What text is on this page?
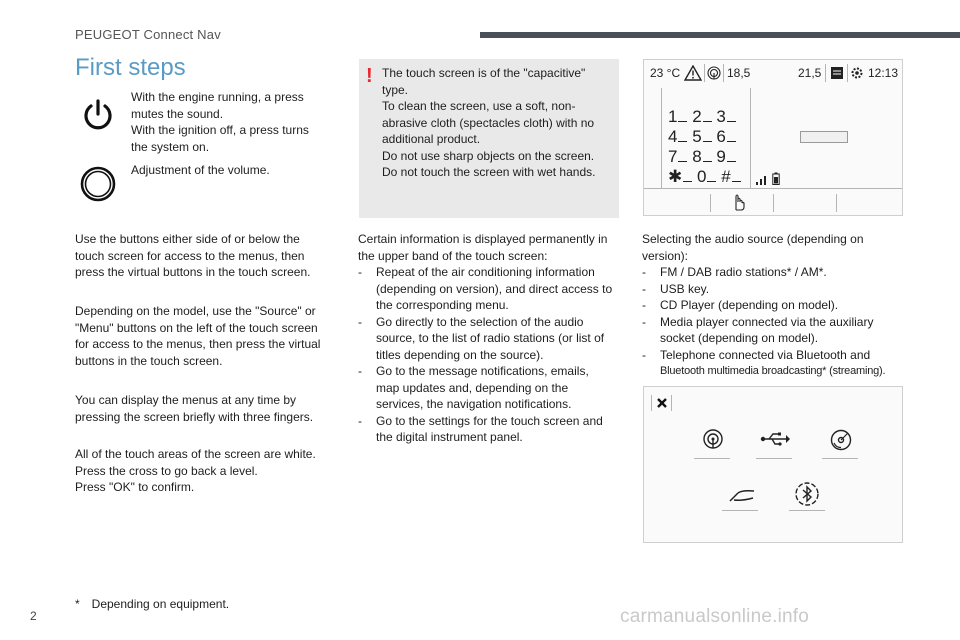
PEUGEOT Connect Nav
First steps
With the engine running, a press
mutes the sound.
With the ignition off, a press turns
the system on.
Adjustment of the volume.
Use the buttons either side of or below the
touch screen for access to the menus, then
press the virtual buttons in the touch screen.
Depending on the model, use the "Source" or
"Menu" buttons on the left of the touch screen
for access to the menus, then press the virtual
buttons in the touch screen.
You can display the menus at any time by
pressing the screen briefly with three fingers.
All of the touch areas of the screen are white.
Press the cross to go back a level.
Press "OK" to confirm.
* Depending on equipment.
2
! The touch screen is of the "capacitive"
type.
To clean the screen, use a soft, non-
abrasive cloth (spectacles cloth) with no
additional product.
Do not use sharp objects on the screen.
Do not touch the screen with wet hands.
Certain information is displayed permanently in
the upper band of the touch screen:
- Repeat of the air conditioning information
(depending on version), and direct access to
the corresponding menu.
- Go directly to the selection of the audio
source, to the list of radio stations (or list of
titles depending on the source).
- Go to the message notifications, emails,
map updates and, depending on the
services, the navigation notifications.
- Go to the settings for the touch screen and
the digital instrument panel.
23 °C	18,5	21,5	12:13
1 2 3
4 5 6
7 8 9
✱ 0 #
Selecting the audio source (depending on
version):
- FM / DAB radio stations* / AM*.
- USB key.
- CD Player (depending on model).
- Media player connected via the auxiliary
socket (depending on model).
- Telephone connected via Bluetooth and
Bluetooth multimedia broadcasting* (streaming).
carmanualsonline.info
